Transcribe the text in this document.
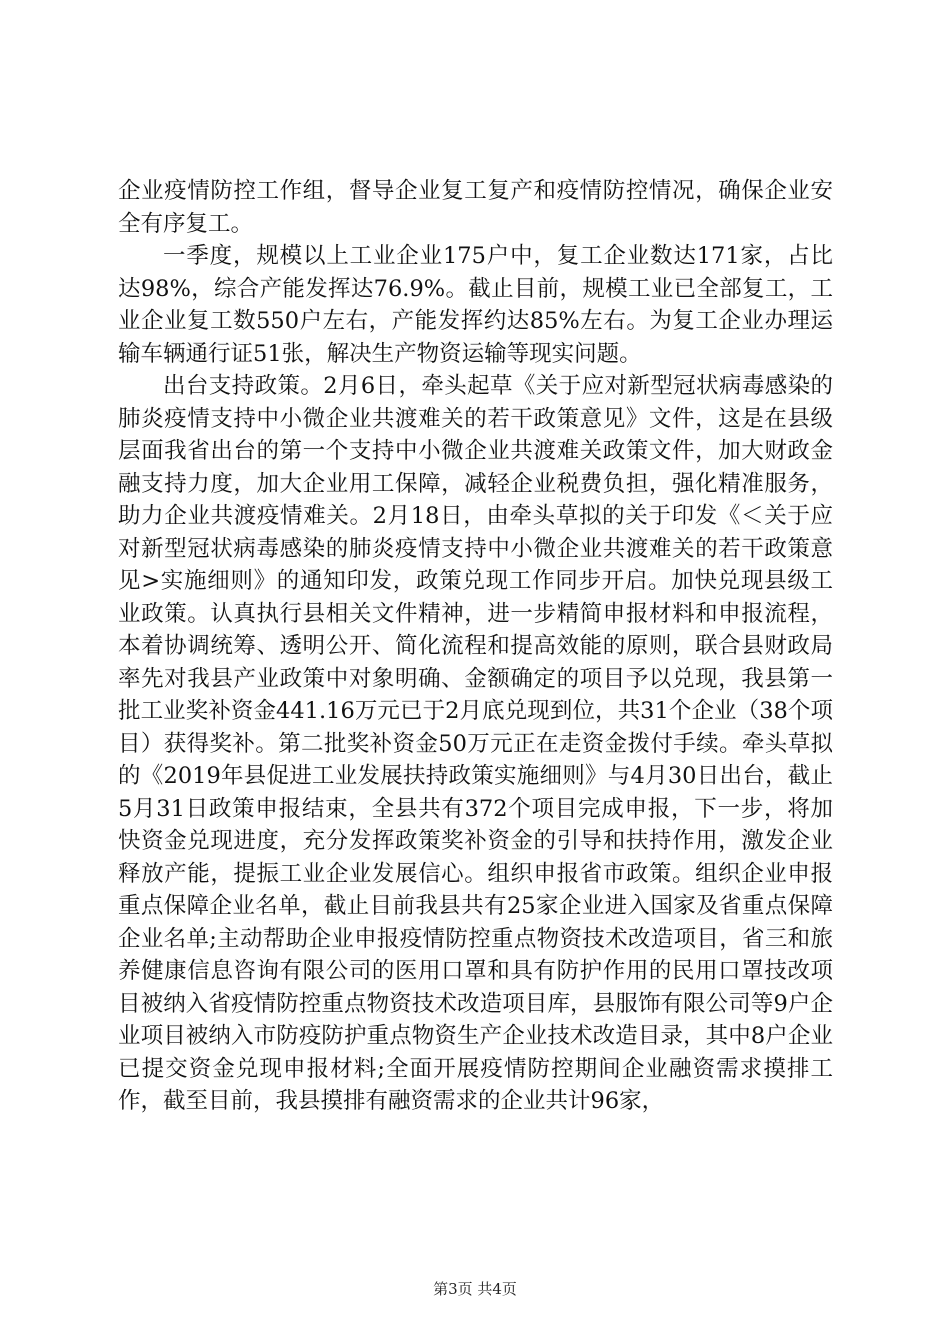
企业疫情防控工作组，督导企业复工复产和疫情防控情况，确保企业安全有序复工。

一季度，规模以上工业企业175户中，复工企业数达171家，占比达98%，综合产能发挥达76.9%。截止目前，规模工业已全部复工，工业企业复工数550户左右，产能发挥约达85%左右。为复工企业办理运输车辆通行证51张，解决生产物资运输等现实问题。

出台支持政策。2月6日，牵头起草《关于应对新型冠状病毒感染的肺炎疫情支持中小微企业共渡难关的若干政策意见》文件，这是在县级层面我省出台的第一个支持中小微企业共渡难关政策文件，加大财政金融支持力度，加大企业用工保障，减轻企业税费负担，强化精准服务，助力企业共渡疫情难关。2月18日，由牵头草拟的关于印发《＜关于应对新型冠状病毒感染的肺炎疫情支持中小微企业共渡难关的若干政策意见>实施细则》的通知印发，政策兑现工作同步开启。加快兑现县级工业政策。认真执行县相关文件精神，进一步精简申报材料和申报流程，本着协调统筹、透明公开、简化流程和提高效能的原则，联合县财政局率先对我县产业政策中对象明确、金额确定的项目予以兑现，我县第一批工业奖补资金441.16万元已于2月底兑现到位，共31个企业（38个项目）获得奖补。第二批奖补资金50万元正在走资金拨付手续。牵头草拟的《2019年县促进工业发展扶持政策实施细则》与4月30日出台，截止5月31日政策申报结束，全县共有372个项目完成申报，下一步，将加快资金兑现进度，充分发挥政策奖补资金的引导和扶持作用，激发企业释放产能，提振工业企业发展信心。组织申报省市政策。组织企业申报重点保障企业名单，截止目前我县共有25家企业进入国家及省重点保障企业名单;主动帮助企业申报疫情防控重点物资技术改造项目，省三和旅养健康信息咨询有限公司的医用口罩和具有防护作用的民用口罩技改项目被纳入省疫情防控重点物资技术改造项目库，县服饰有限公司等9户企业项目被纳入市防疫防护重点物资生产企业技术改造目录，其中8户企业已提交资金兑现申报材料;全面开展疫情防控期间企业融资需求摸排工作，截至目前，我县摸排有融资需求的企业共计96家，

第3页 共4页
